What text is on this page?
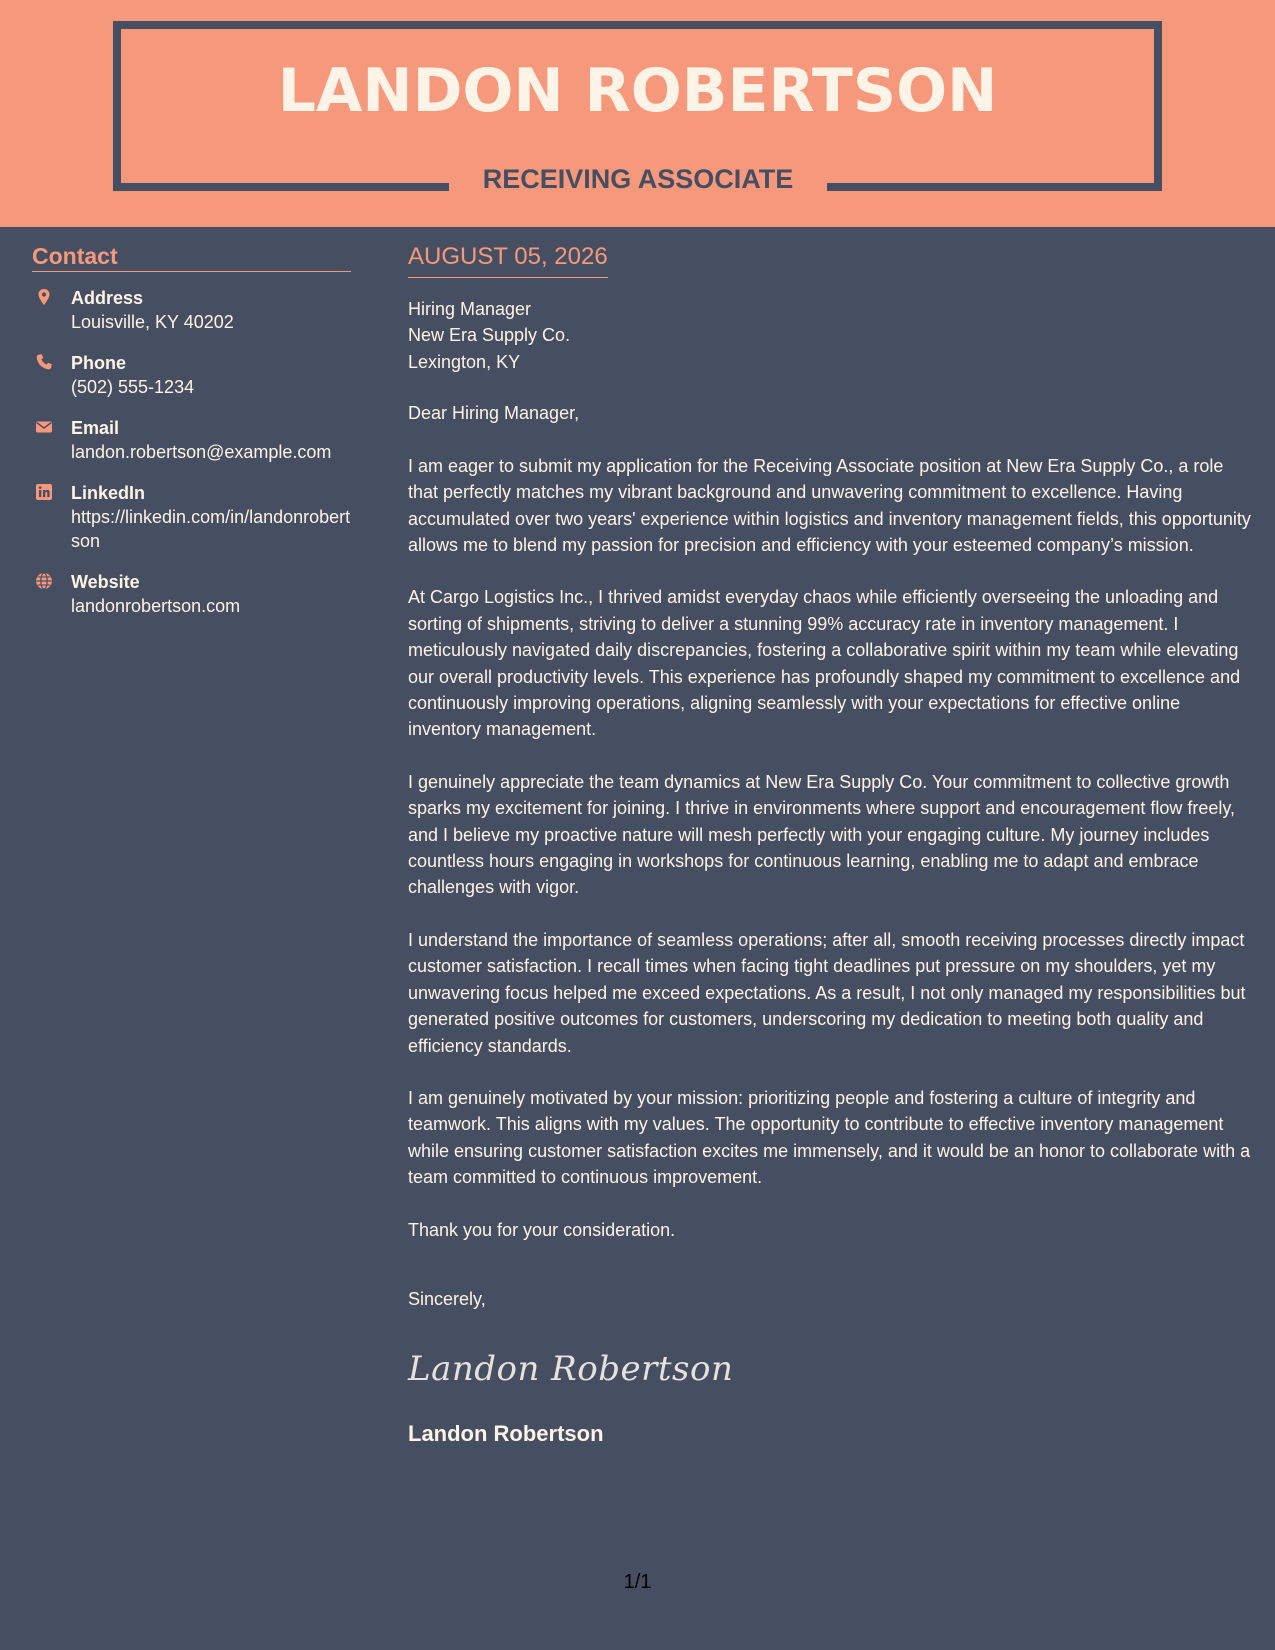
LANDON ROBERTSON
RECEIVING ASSOCIATE
Contact
Address
Louisville, KY 40202
Phone
(502) 555-1234
Email
landon.robertson@example.com
LinkedIn
https://linkedin.com/in/landonrobertson
Website
landonrobertson.com
AUGUST 05, 2026
Hiring Manager
New Era Supply Co.
Lexington, KY
Dear Hiring Manager,
I am eager to submit my application for the Receiving Associate position at New Era Supply Co., a role that perfectly matches my vibrant background and unwavering commitment to excellence. Having accumulated over two years' experience within logistics and inventory management fields, this opportunity allows me to blend my passion for precision and efficiency with your esteemed company’s mission.
At Cargo Logistics Inc., I thrived amidst everyday chaos while efficiently overseeing the unloading and sorting of shipments, striving to deliver a stunning 99% accuracy rate in inventory management. I meticulously navigated daily discrepancies, fostering a collaborative spirit within my team while elevating our overall productivity levels. This experience has profoundly shaped my commitment to excellence and continuously improving operations, aligning seamlessly with your expectations for effective online inventory management.
I genuinely appreciate the team dynamics at New Era Supply Co. Your commitment to collective growth sparks my excitement for joining. I thrive in environments where support and encouragement flow freely, and I believe my proactive nature will mesh perfectly with your engaging culture. My journey includes countless hours engaging in workshops for continuous learning, enabling me to adapt and embrace challenges with vigor.
I understand the importance of seamless operations; after all, smooth receiving processes directly impact customer satisfaction. I recall times when facing tight deadlines put pressure on my shoulders, yet my unwavering focus helped me exceed expectations. As a result, I not only managed my responsibilities but generated positive outcomes for customers, underscoring my dedication to meeting both quality and efficiency standards.
I am genuinely motivated by your mission: prioritizing people and fostering a culture of integrity and teamwork. This aligns with my values. The opportunity to contribute to effective inventory management while ensuring customer satisfaction excites me immensely, and it would be an honor to collaborate with a team committed to continuous improvement.
Thank you for your consideration.
Sincerely,
Landon Robertson
Landon Robertson
1/1
